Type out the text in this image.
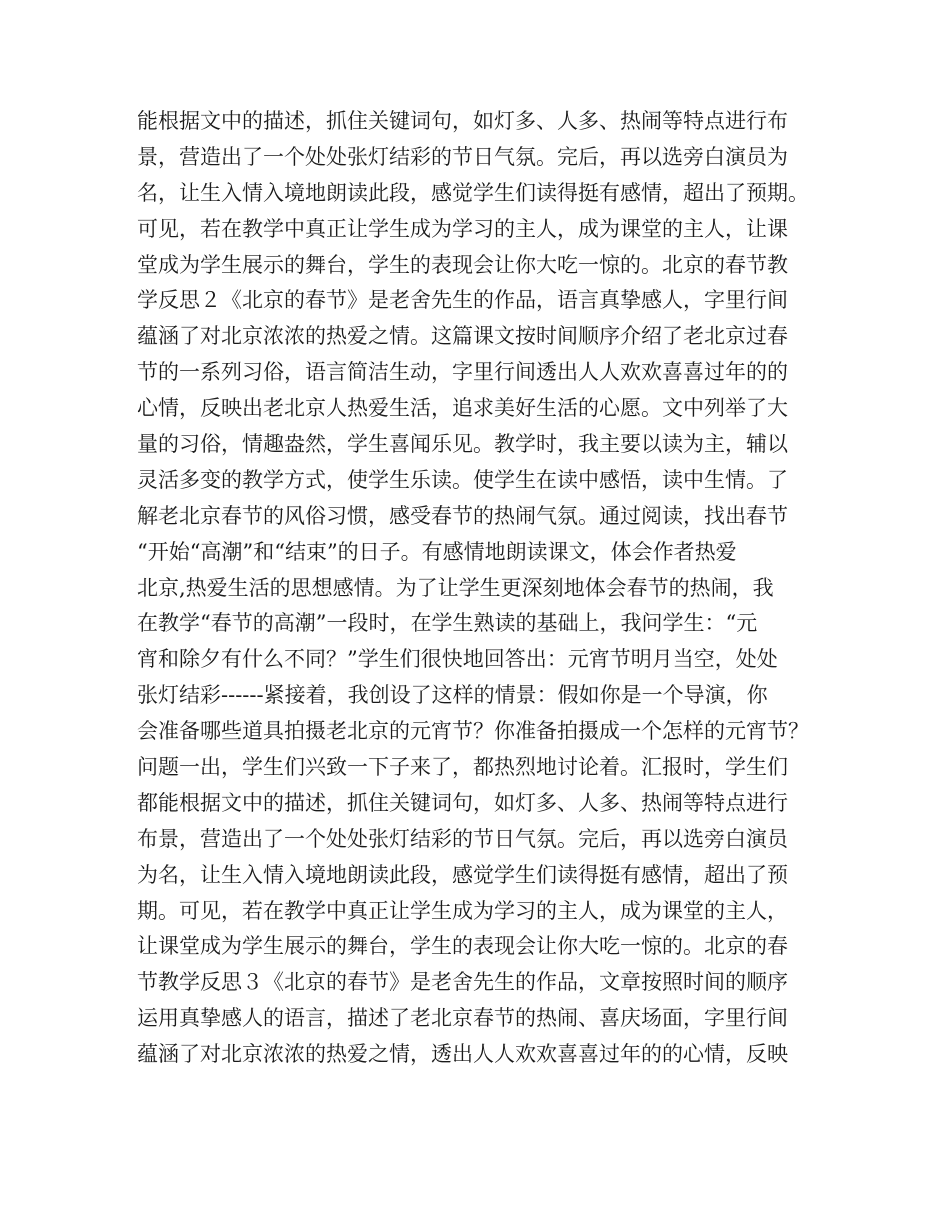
能根据文中的描述，抓住关键词句，如灯多、人多、热闹等特点进行布
景，营造出了一个处处张灯结彩的节日气氛。完后，再以选旁白演员为
名，让生入情入境地朗读此段，感觉学生们读得挺有感情，超出了预期。
可见，若在教学中真正让学生成为学习的主人，成为课堂的主人，让课
堂成为学生展示的舞台，学生的表现会让你大吃一惊的。北京的春节教
学反思２《北京的春节》是老舍先生的作品，语言真挚感人，字里行间
蕴涵了对北京浓浓的热爱之情。这篇课文按时间顺序介绍了老北京过春
节的一系列习俗，语言简洁生动，字里行间透出人人欢欢喜喜过年的的
心情，反映出老北京人热爱生活，追求美好生活的心愿。文中列举了大
量的习俗，情趣盎然，学生喜闻乐见。教学时，我主要以读为主，辅以
灵活多变的教学方式，使学生乐读。使学生在读中感悟，读中生情。了
解老北京春节的风俗习惯，感受春节的热闹气氛。通过阅读，找出春节
“开始“高潮”和“结束”的日子。有感情地朗读课文，体会作者热爱
北京,热爱生活的思想感情。为了让学生更深刻地体会春节的热闹，我
在教学“春节的高潮”一段时，在学生熟读的基础上，我问学生：“元
宵和除夕有什么不同？”学生们很快地回答出：元宵节明月当空，处处
张灯结彩------紧接着，我创设了这样的情景：假如你是一个导演，你
会准备哪些道具拍摄老北京的元宵节？你准备拍摄成一个怎样的元宵节？
问题一出，学生们兴致一下子来了，都热烈地讨论着。汇报时，学生们
都能根据文中的描述，抓住关键词句，如灯多、人多、热闹等特点进行
布景，营造出了一个处处张灯结彩的节日气氛。完后，再以选旁白演员
为名，让生入情入境地朗读此段，感觉学生们读得挺有感情，超出了预
期。可见，若在教学中真正让学生成为学习的主人，成为课堂的主人，
让课堂成为学生展示的舞台，学生的表现会让你大吃一惊的。北京的春
节教学反思３《北京的春节》是老舍先生的作品，文章按照时间的顺序
运用真挚感人的语言，描述了老北京春节的热闹、喜庆场面，字里行间
蕴涵了对北京浓浓的热爱之情，透出人人欢欢喜喜过年的的心情，反映
